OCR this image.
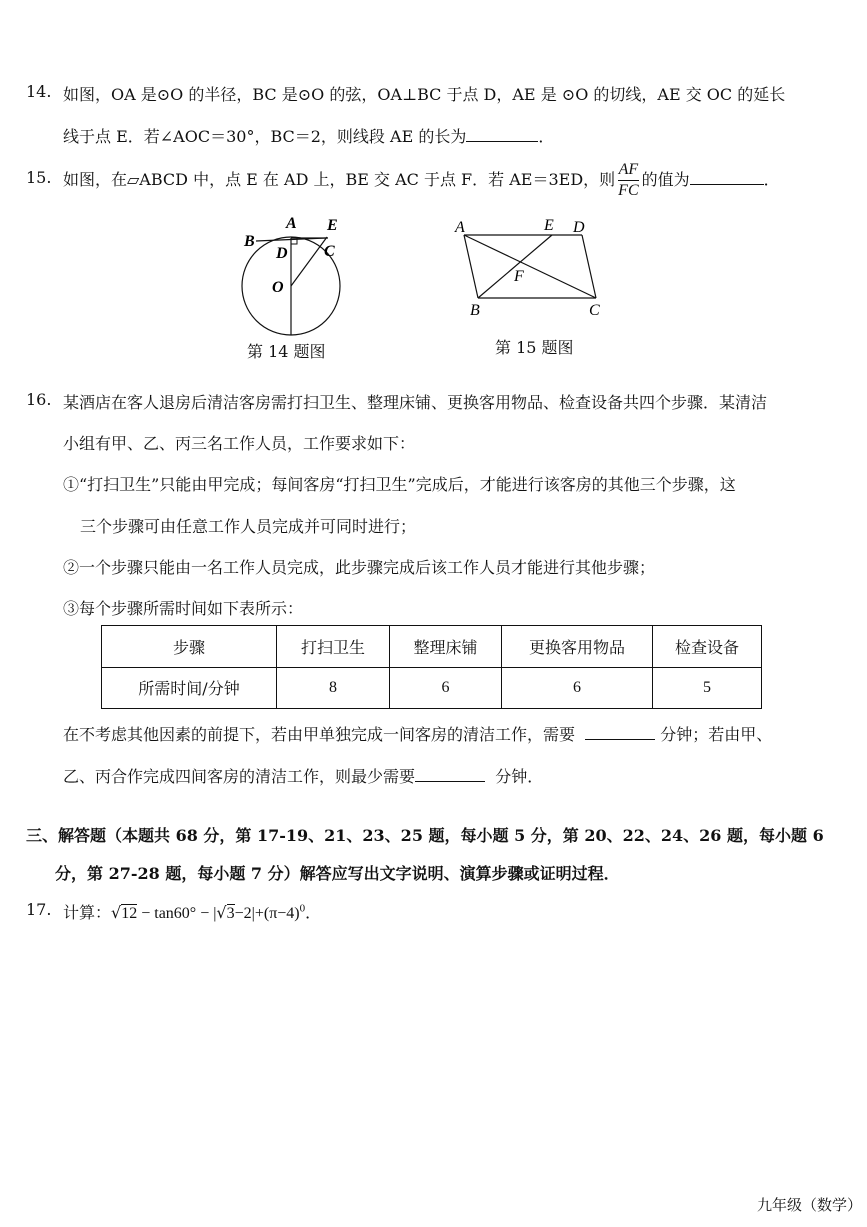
14. 如图，OA 是⊙O 的半径，BC 是⊙O 的弦，OA⊥BC 于点 D，AE 是 ⊙O 的切线，AE 交 OC 的延长
线于点 E．若∠AOC＝30°，BC＝2，则线段 AE 的长为	．
15. 如图，在▱ABCD 中，点 E 在 AD 上，BE 交 AC 于点 F．若 AE＝3ED，则 $\frac{AF}{FC}$ 的值为	．
A E
B
D C
O
第 14 题图
A	E D
F
B	C
第 15 题图
16. 某酒店在客人退房后清洁客房需打扫卫生、整理床铺、更换客用物品、检查设备共四个步骤．某清洁
小组有甲、乙、丙三名工作人员，工作要求如下：
①“打扫卫生”只能由甲完成；每间客房“打扫卫生”完成后，才能进行该客房的其他三个步骤，这
三个步骤可由任意工作人员完成并可同时进行；
②一个步骤只能由一名工作人员完成，此步骤完成后该工作人员才能进行其他步骤；
③每个步骤所需时间如下表所示：
步骤	打扫卫生	整理床铺	更换客用物品	检查设备
所需时间/分钟	8	6	6	5
在不考虑其他因素的前提下，若由甲单独完成一间客房的清洁工作，需要	分钟；若由甲、
乙、丙合作完成四间客房的清洁工作，则最少需要	分钟．
三、解答题（本题共 68 分，第 17-19、21、23、25 题，每小题 5 分，第 20、22、24、26 题，每小题 6
分，第 27-28 题，每小题 7 分）解答应写出文字说明、演算步骤或证明过程．
17. 计算：$√12 - \tan 60^\circ - |√3-2|+(\pi-4)^0$．
九年级（数学）
